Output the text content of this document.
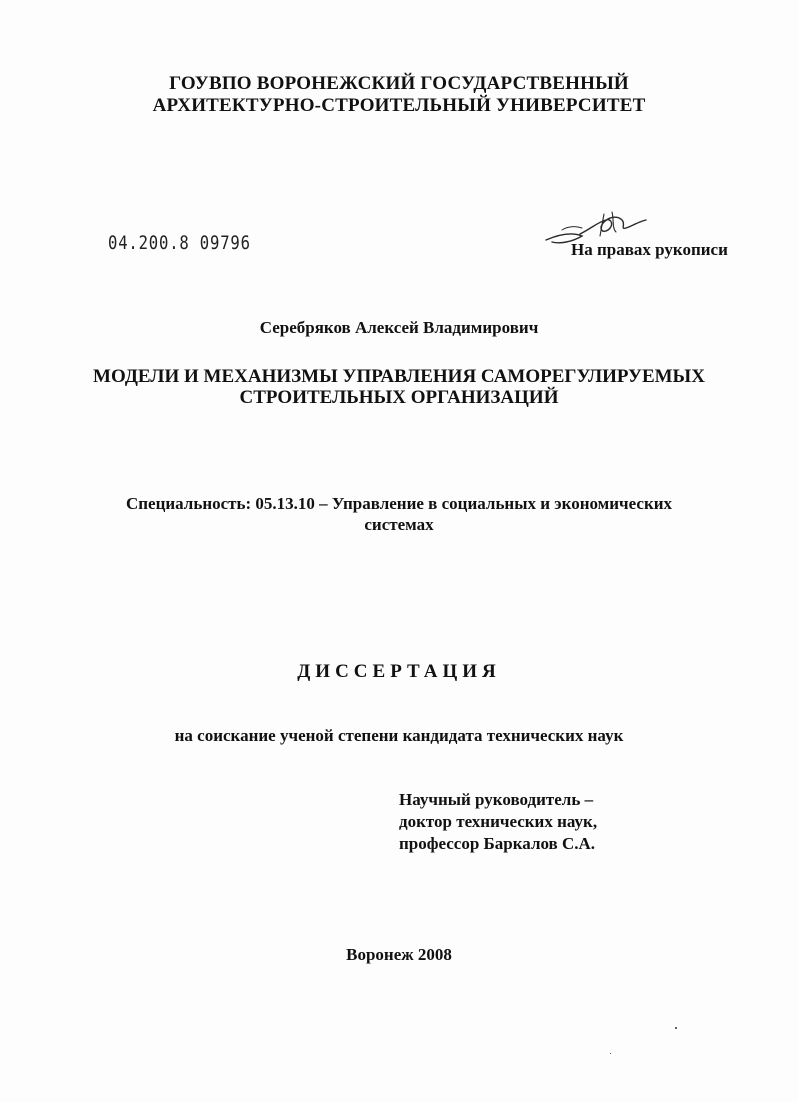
ГОУВПО ВОРОНЕЖСКИЙ ГОСУДАРСТВЕННЫЙ
АРХИТЕКТУРНО-СТРОИТЕЛЬНЫЙ УНИВЕРСИТЕТ
04.200.8 09796	На правах рукописи
Серебряков Алексей Владимирович
МОДЕЛИ И МЕХАНИЗМЫ УПРАВЛЕНИЯ САМОРЕГУЛИРУЕМЫХ
СТРОИТЕЛЬНЫХ ОРГАНИЗАЦИЙ
Специальность: 05.13.10 – Управление в социальных и экономических
системах
ДИССЕРТАЦИЯ
на соискание ученой степени кандидата технических наук
Научный руководитель –
доктор технических наук,
профессор Баркалов С.А.
Воронеж 2008
